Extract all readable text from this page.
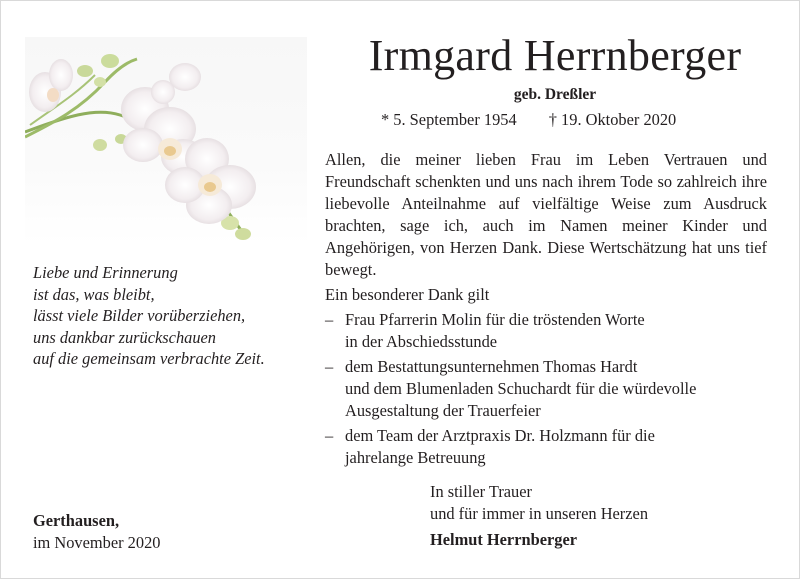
Liebe und Erinnerung
ist das, was bleibt,
lässt viele Bilder vorüberziehen,
uns dankbar zurückschauen
auf die gemeinsam verbrachte Zeit.
Gerthausen,
im November 2020
Irmgard Herrnberger
geb. Dreßler
* 5. September 1954 † 19. Oktober 2020
Allen, die meiner lieben Frau im Leben Vertrauen und Freundschaft schenkten und uns nach ihrem Tode so zahlreich ihre liebevolle Anteilnahme auf vielfältige Weise zum Ausdruck brachten, sage ich, auch im Namen meiner Kinder und Angehörigen, von Herzen Dank. Diese Wertschätzung hat uns tief bewegt.
Ein besonderer Dank gilt
– Frau Pfarrerin Molin für die tröstenden Worte
in der Abschiedsstunde
– dem Bestattungsunternehmen Thomas Hardt
und dem Blumenladen Schuchardt für die würdevolle
Ausgestaltung der Trauerfeier
– dem Team der Arztpraxis Dr. Holzmann für die
jahrelange Betreuung
In stiller Trauer
und für immer in unseren Herzen
Helmut Herrnberger
